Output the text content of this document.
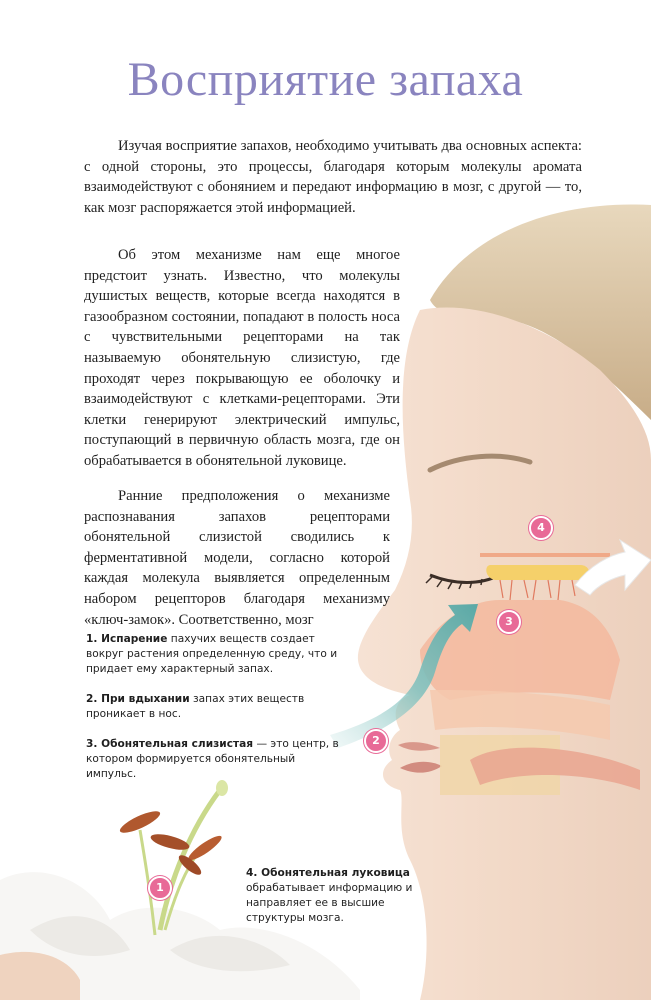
Восприятие запаха

Изучая восприятие запахов, необходимо учитывать два основных аспекта: с одной стороны, это процессы, благодаря которым молекулы аромата взаимодействуют с обонянием и передают информацию в мозг, с другой — то, как мозг распоряжается этой информацией.

Об этом механизме нам еще многое предстоит узнать. Известно, что молекулы душистых веществ, которые всегда находятся в газообразном состоянии, попадают в полость носа с чувствительными рецепторами на так называемую обонятельную слизистую, где проходят через покрывающую ее оболочку и взаимодействуют с клетками-рецепторами. Эти клетки генерируют электрический импульс, поступающий в первичную область мозга, где он обрабатывается в обонятельной луковице.

Ранние предположения о механизме распознавания запахов рецепторами обонятельной слизистой сводились к ферментативной модели, согласно которой каждая молекула выявляется определенным набором рецепторов благодаря механизму «ключ-замок». Соответственно, мозг

1. Испарение пахучих веществ создает вокруг растения определенную среду, что и придает ему характерный запах.

2. При вдыхании запах этих веществ проникает в нос.

3. Обонятельная слизистая — это центр, в котором формируется обонятельный импульс.

4. Обонятельная луковица
обрабатывает информацию и направляет ее в высшие структуры мозга.

1
2
3
4
